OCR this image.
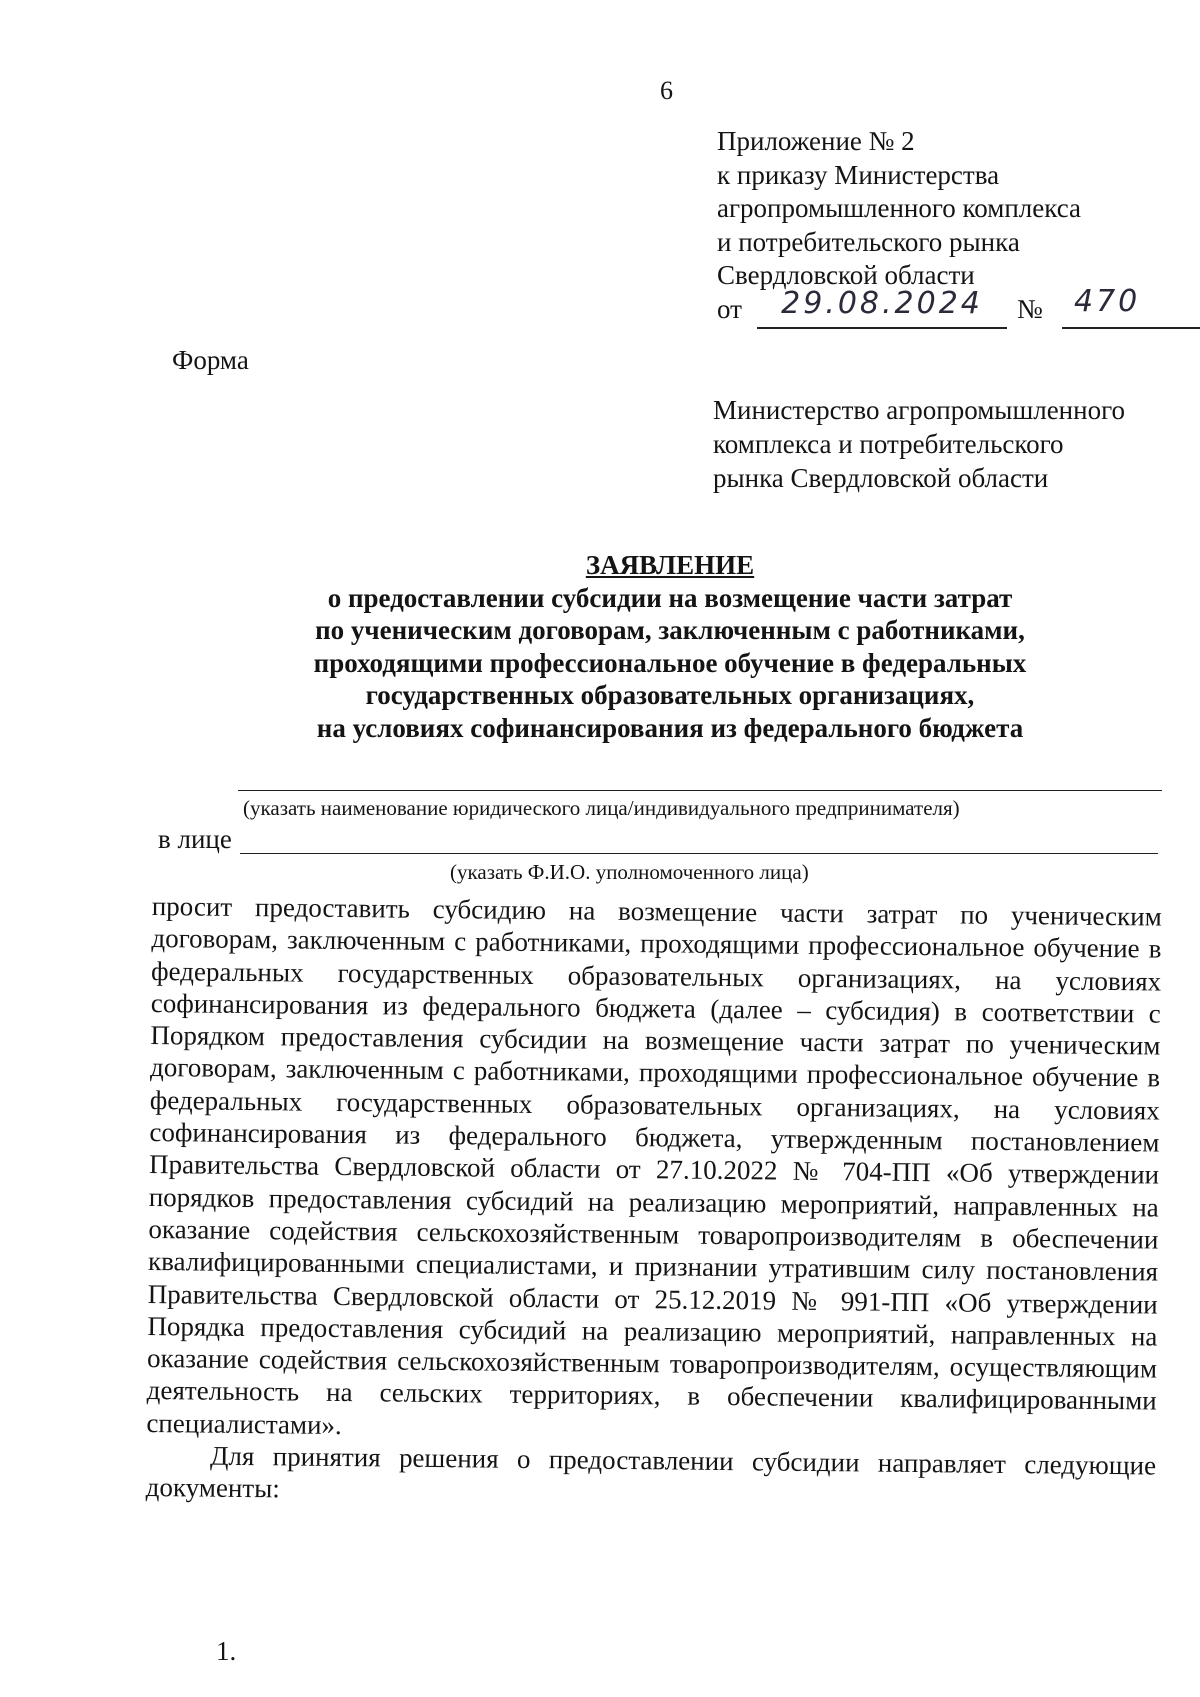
6
Приложение № 2
к приказу Министерства
агропромышленного комплекса
и потребительского рынка
Свердловской области
от	29.08.2024	№ 470
Форма
Министерство агропромышленного
комплекса и потребительского
рынка Свердловской области
ЗАЯВЛЕНИЕ
о предоставлении субсидии на возмещение части затрат
по ученическим договорам, заключенным с работниками,
проходящими профессиональное обучение в федеральных
государственных образовательных организациях,
на условиях софинансирования из федерального бюджета
(указать наименование юридического лица/индивидуального предпринимателя)
в лице
(указать Ф.И.О. уполномоченного лица)

просит предоставить субсидию на возмещение части затрат по ученическим договорам, заключенным с работниками, проходящими профессиональное обучение в федеральных государственных образовательных организациях, на условиях софинансирования из федерального бюджета (далее – субсидия) в соответствии с Порядком предоставления субсидии на возмещение части затрат по ученическим договорам, заключенным с работниками, проходящими профессиональное обучение в федеральных государственных образовательных организациях, на условиях софинансирования из федерального бюджета, утвержденным постановлением Правительства Свердловской области от 27.10.2022 № 704-ПП «Об утверждении порядков предоставления субсидий на реализацию мероприятий, направленных на оказание содействия сельскохозяйственным товаропроизводителям в обеспечении квалифицированными специалистами, и признании утратившим силу постановления Правительства Свердловской области от 25.12.2019 № 991-ПП «Об утверждении Порядка предоставления субсидий на реализацию мероприятий, направленных на оказание содействия сельскохозяйственным товаропроизводителям, осуществляющим деятельность на сельских территориях, в обеспечении квалифицированными специалистами».

Для принятия решения о предоставлении субсидии направляет следующие документы:

1.
